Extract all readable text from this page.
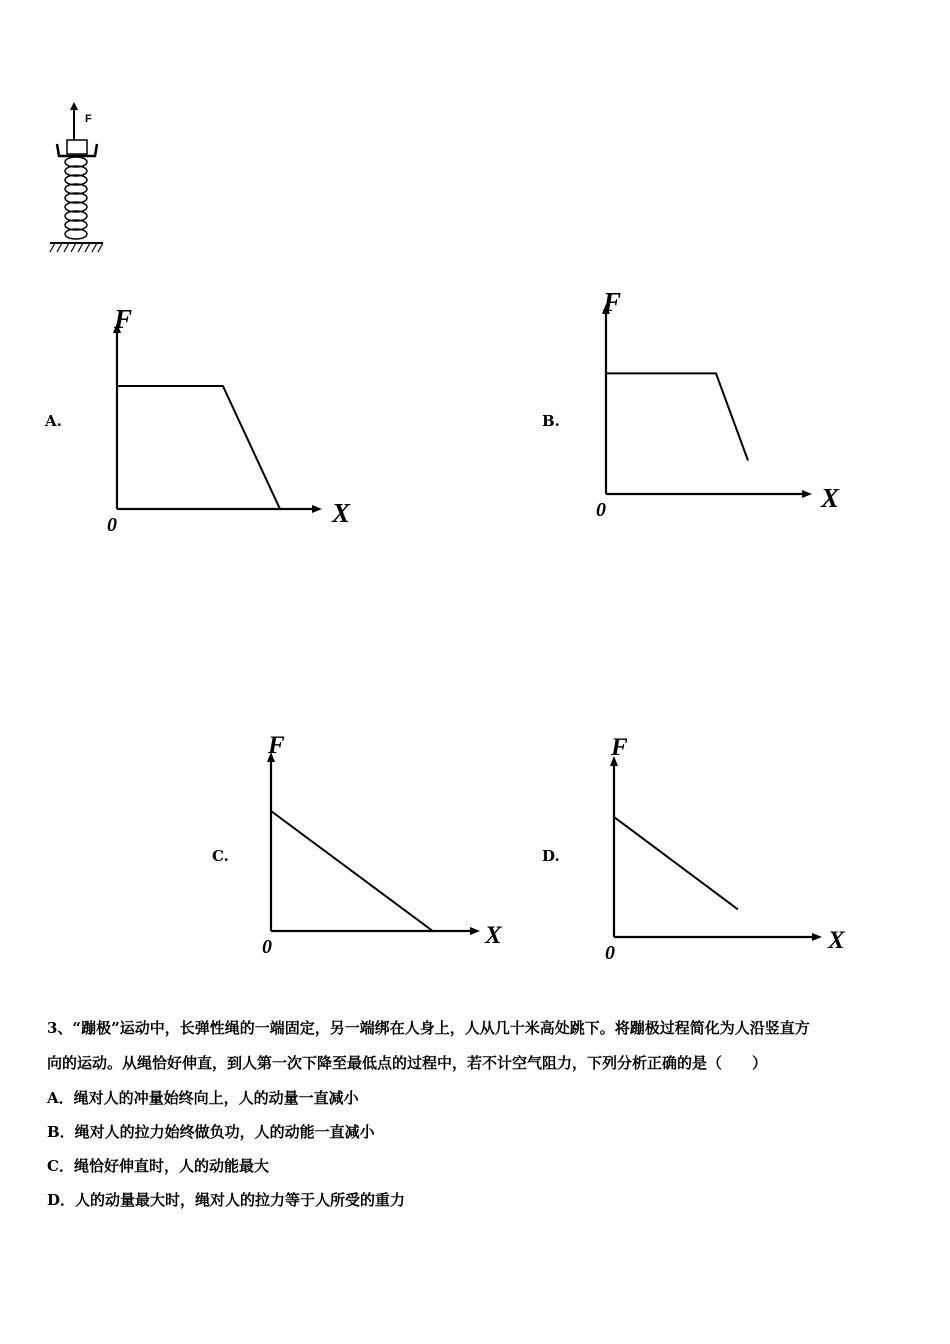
F
A.
F
X
0
B.
F
X
0
C.
F
X
0
D.
F
X
0
3、“蹦极”运动中，长弹性绳的一端固定，另一端绑在人身上，人从几十米高处跳下。将蹦极过程简化为人沿竖直方
向的运动。从绳恰好伸直，到人第一次下降至最低点的过程中，若不计空气阻力，下列分析正确的是（　　）
A．绳对人的冲量始终向上，人的动量一直减小
B．绳对人的拉力始终做负功，人的动能一直减小
C．绳恰好伸直时，人的动能最大
D．人的动量最大时，绳对人的拉力等于人所受的重力
